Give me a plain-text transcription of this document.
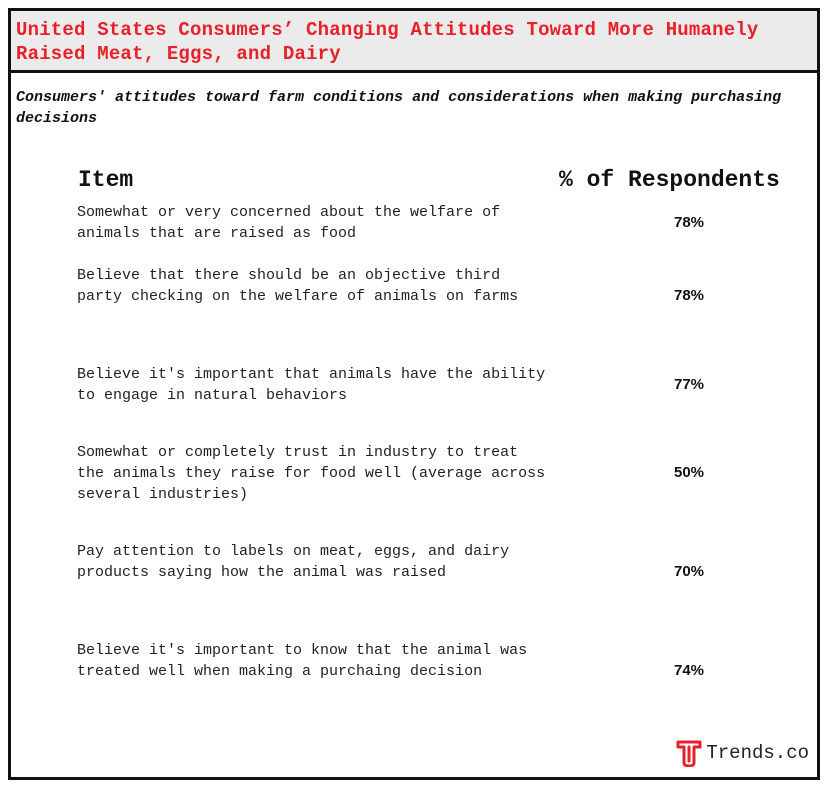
United States Consumers’ Changing Attitudes Toward More Humanely Raised Meat, Eggs, and Dairy
Consumers' attitudes toward farm conditions and considerations when making purchasing decisions
Item	% of Respondents
Somewhat or very concerned about the welfare of animals that are raised as food
78%
Believe that there should be an objective third party checking on the welfare of animals on farms	78%
Believe it's important that animals have the ability to engage in natural behaviors
77%
Somewhat or completely trust in industry to treat the animals they raise for food well (average across several industries)
50%
Pay attention to labels on meat, eggs, and dairy products saying how the animal was raised	70%
Believe it's important to know that the animal was treated well when making a purchaing decision	74%
Trends.co
